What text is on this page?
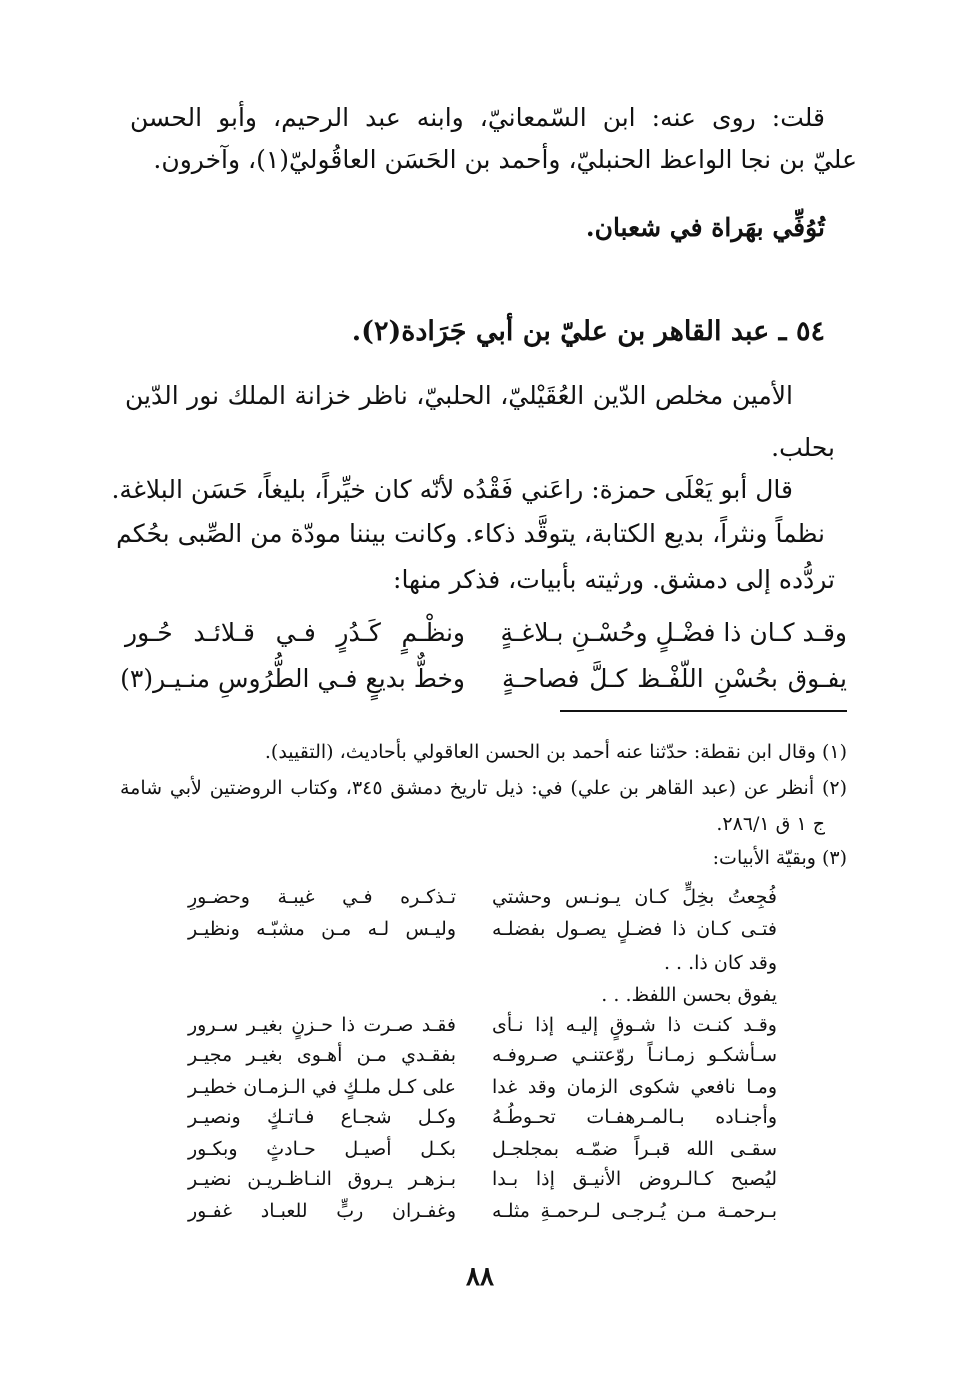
قلت: روى عنه: ابن السّمعانيّ، وابنه عبد الرحيم، وأبو الحسن
عليّ بن نجا الواعظ الحنبليّ، وأحمد بن الحَسَن العاقُوليّ(١)، وآخرون.
تُوُفِّي بهَراة في شعبان.
٥٤ ـ عبد القاهر بن عليّ بن أبي جَرَادة(٢).
الأمين مخلص الدّين العُقَيْليّ، الحلبيّ، ناظر خزانة الملك نور الدّين
بحلب.
قال أبو يَعْلَى حمزة: راعَني فَقْدُه لأنّه كان خيِّراً، بليغاً، حَسَن البلاغة.
نظماً ونثراً، بديع الكتابة، يتوقَّد ذكاء. وكانت بيننا مودّة من الصِّبى بحُكم
تردُّده إلى دمشق. ورثيته بأبيات، فذكر منها:
وقـد كـان ذا فضْـلٍ وحُسْـنِ بـلاغـةٍ
ونظْـمٍ كَـدُرٍ فـي قـلائـد حُـور
يفـوق بحُسْنِ اللّفْـظ كـلَّ فصاحـةٍ
وخطٌّ بديعٍ فـي الطُّرُوسِ منـيـر(٣)
(١) وقال ابن نقطة: حدّثنا عنه أحمد بن الحسن العاقولي بأحاديث، (التقييد).
(٢) أنظر عن (عبد القاهر بن علي) في: ذيل تاريخ دمشق ٣٤٥، وكتاب الروضتين لأبي شامة
ج ١ ق ٢٨٦/١.
(٣) وبقيّة الأبيات:
فُجِعتُ بخِلٍّ كـان يـونـس وحشتي
تـذكـره فـي غيبـة وحضـورِ
فتـى كـان ذا فضـلٍ يصـول بفضلـه
وليـس لـه مـن مشبّـه ونظيـر
وقد كان ذا. . .
يفوق بحسن اللفظ. . .
وقـد كنـت ذا شـوقٍ إليـه إذا نـأى
فقـد صـرت ذا حـزنٍ بغيـر سـرور
سـأشكـو زمـانـاً روّعتنـي صـروفـه
بفقـدي مـن أهـوى بغيـر مجيـر
ومـا نافعي شكوى الزمان وقد غدا
على كـل ملـكٍ في الـزمـان خطيـر
وأجنـاده بـالمـرهفـات تحـوطُـهُ
وكـل شجـاع فـاتـكٍ ونصيـر
سقـى الله قبـراً ضمّـه بمجلجـل
بكـل أصيـل حـادثٍ وبكـور
ليُصبح كـالـروض الأنيـق إذا بـدا
بـزهـر يـروق النـاظـريـن نضيـر
بـرحمـة مـن يُـرجـى لـرحمـةِ مثلـه
وغفـران ربٍّ للعبـاد غفـور
٨٨
